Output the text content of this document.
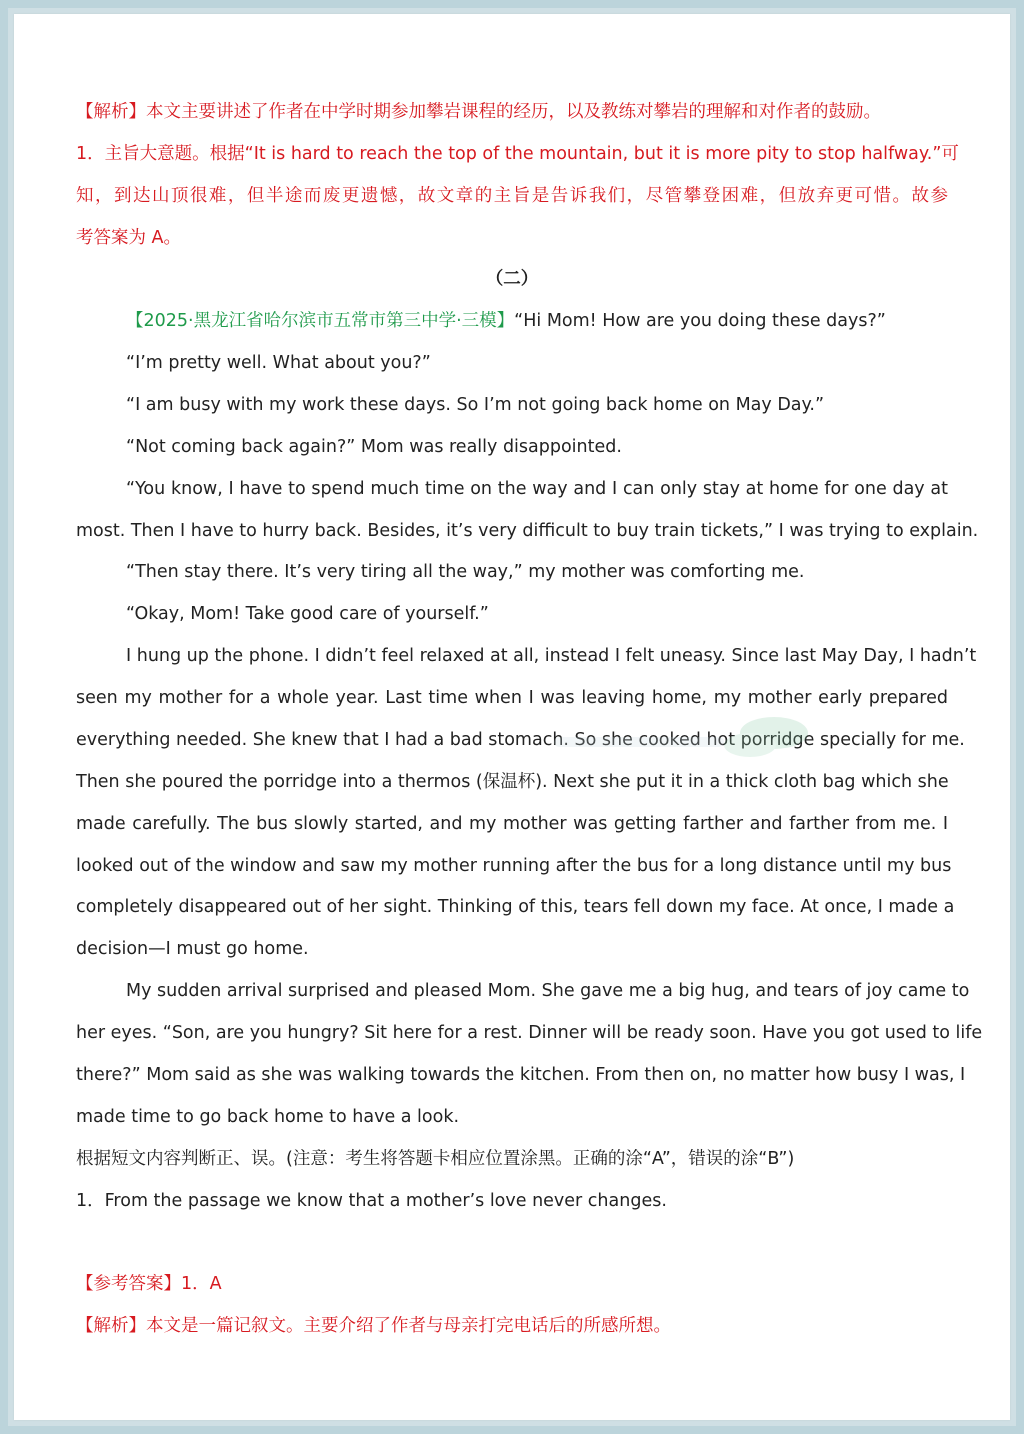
【解析】本文主要讲述了作者在中学时期参加攀岩课程的经历，以及教练对攀岩的理解和对作者的鼓励。
1．主旨大意题。根据“It is hard to reach the top of the mountain, but it is more pity to stop halfway.”可
知，到达山顶很难，但半途而废更遗憾，故文章的主旨是告诉我们，尽管攀登困难，但放弃更可惜。故参
考答案为 A。
（二）
【2025·黑龙江省哈尔滨市五常市第三中学·三模】“Hi Mom! How are you doing these days?”
“I’m pretty well. What about you?”
“I am busy with my work these days. So I’m not going back home on May Day.”
“Not coming back again?” Mom was really disappointed.
“You know, I have to spend much time on the way and I can only stay at home for one day at
most. Then I have to hurry back. Besides, it’s very difficult to buy train tickets,” I was trying to explain.
“Then stay there. It’s very tiring all the way,” my mother was comforting me.
“Okay, Mom! Take good care of yourself.”
I hung up the phone. I didn’t feel relaxed at all, instead I felt uneasy. Since last May Day, I hadn’t
seen my mother for a whole year. Last time when I was leaving home, my mother early prepared
everything needed. She knew that I had a bad stomach. So she cooked hot porridge specially for me.
Then she poured the porridge into a thermos (保温杯). Next she put it in a thick cloth bag which she
made carefully. The bus slowly started, and my mother was getting farther and farther from me. I
looked out of the window and saw my mother running after the bus for a long distance until my bus
completely disappeared out of her sight. Thinking of this, tears fell down my face. At once, I made a
decision—I must go home.
My sudden arrival surprised and pleased Mom. She gave me a big hug, and tears of joy came to
her eyes. “Son, are you hungry? Sit here for a rest. Dinner will be ready soon. Have you got used to life
there?” Mom said as she was walking towards the kitchen. From then on, no matter how busy I was, I
made time to go back home to have a look.
根据短文内容判断正、误。(注意：考生将答题卡相应位置涂黑。正确的涂“A”，错误的涂“B”)
1．From the passage we know that a mother’s love never changes.
【参考答案】1．A
【解析】本文是一篇记叙文。主要介绍了作者与母亲打完电话后的所感所想。
